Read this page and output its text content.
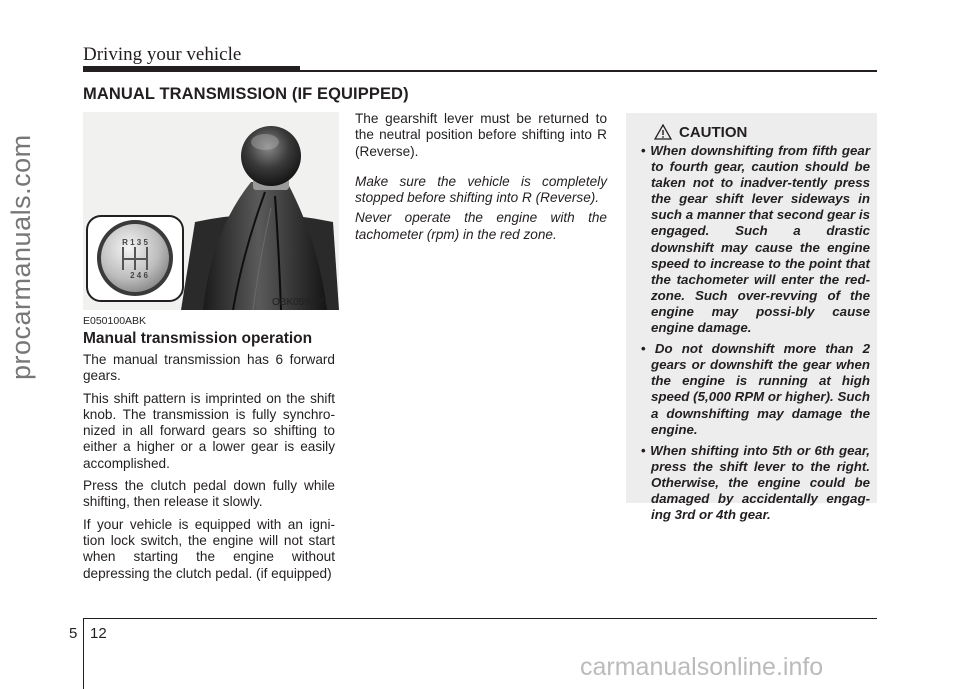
Driving your vehicle
MANUAL TRANSMISSION (IF EQUIPPED)
R 1 3 5
2 4 6
OBK059005
E050100ABK
Manual transmission operation

The manual transmission has 6 forward gears.

This shift pattern is imprinted on the shift knob. The transmission is fully synchro-nized in all forward gears so shifting to either a higher or a lower gear is easily accomplished.

Press the clutch pedal down fully while shifting, then release it slowly.

If your vehicle is equipped with an igni-tion lock switch, the engine will not start when starting the engine without depressing the clutch pedal. (if equipped)

The gearshift lever must be returned to the neutral position before shifting into R (Reverse).

Make sure the vehicle is completely stopped before shifting into R (Reverse).

Never operate the engine with the tachometer (rpm) in the red zone.

CAUTION
• When downshifting from fifth gear to fourth gear, caution should be taken not to inadver-tently press the gear shift lever sideways in such a manner that second gear is engaged. Such a drastic downshift may cause the engine speed to increase to the point that the tachometer will enter the red-zone. Such over-revving of the engine may possi-bly cause engine damage.
• Do not downshift more than 2 gears or downshift the gear when the engine is running at high speed (5,000 RPM or higher). Such a downshifting may damage the engine.
• When shifting into 5th or 6th gear, press the shift lever to the right. Otherwise, the engine could be damaged by accidentally engag-ing 3rd or 4th gear.
5 12
procarmanuals.com
carmanualsonline.info
